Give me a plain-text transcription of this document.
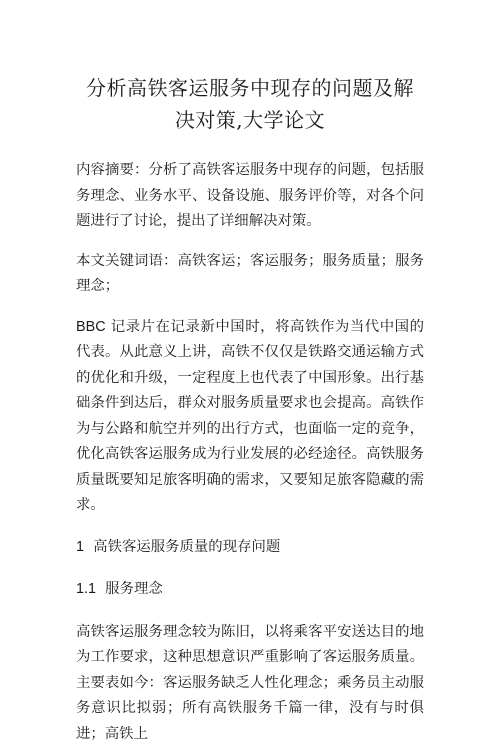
分析高铁客运服务中现存的问题及解决对策,大学论文

内容摘要：分析了高铁客运服务中现存的问题，包括服务理念、业务水平、设备设施、服务评价等，对各个问题进行了讨论，提出了详细解决对策。

本文关键词语：高铁客运；客运服务；服务质量；服务理念；

BBC 记录片在记录新中国时，将高铁作为当代中国的代表。从此意义上讲，高铁不仅仅是铁路交通运输方式的优化和升级，一定程度上也代表了中国形象。出行基础条件到达后，群众对服务质量要求也会提高。高铁作为与公路和航空并列的出行方式，也面临一定的竞争，优化高铁客运服务成为行业发展的必经途径。高铁服务质量既要知足旅客明确的需求，又要知足旅客隐藏的需求。

1 高铁客运服务质量的现存问题
1.1 服务理念

高铁客运服务理念较为陈旧，以将乘客平安送达目的地为工作要求，这种思想意识严重影响了客运服务质量。主要表如今：客运服务缺乏人性化理念；乘务员主动服务意识比拟弱；所有高铁服务千篇一律，没有与时俱进；高铁上
